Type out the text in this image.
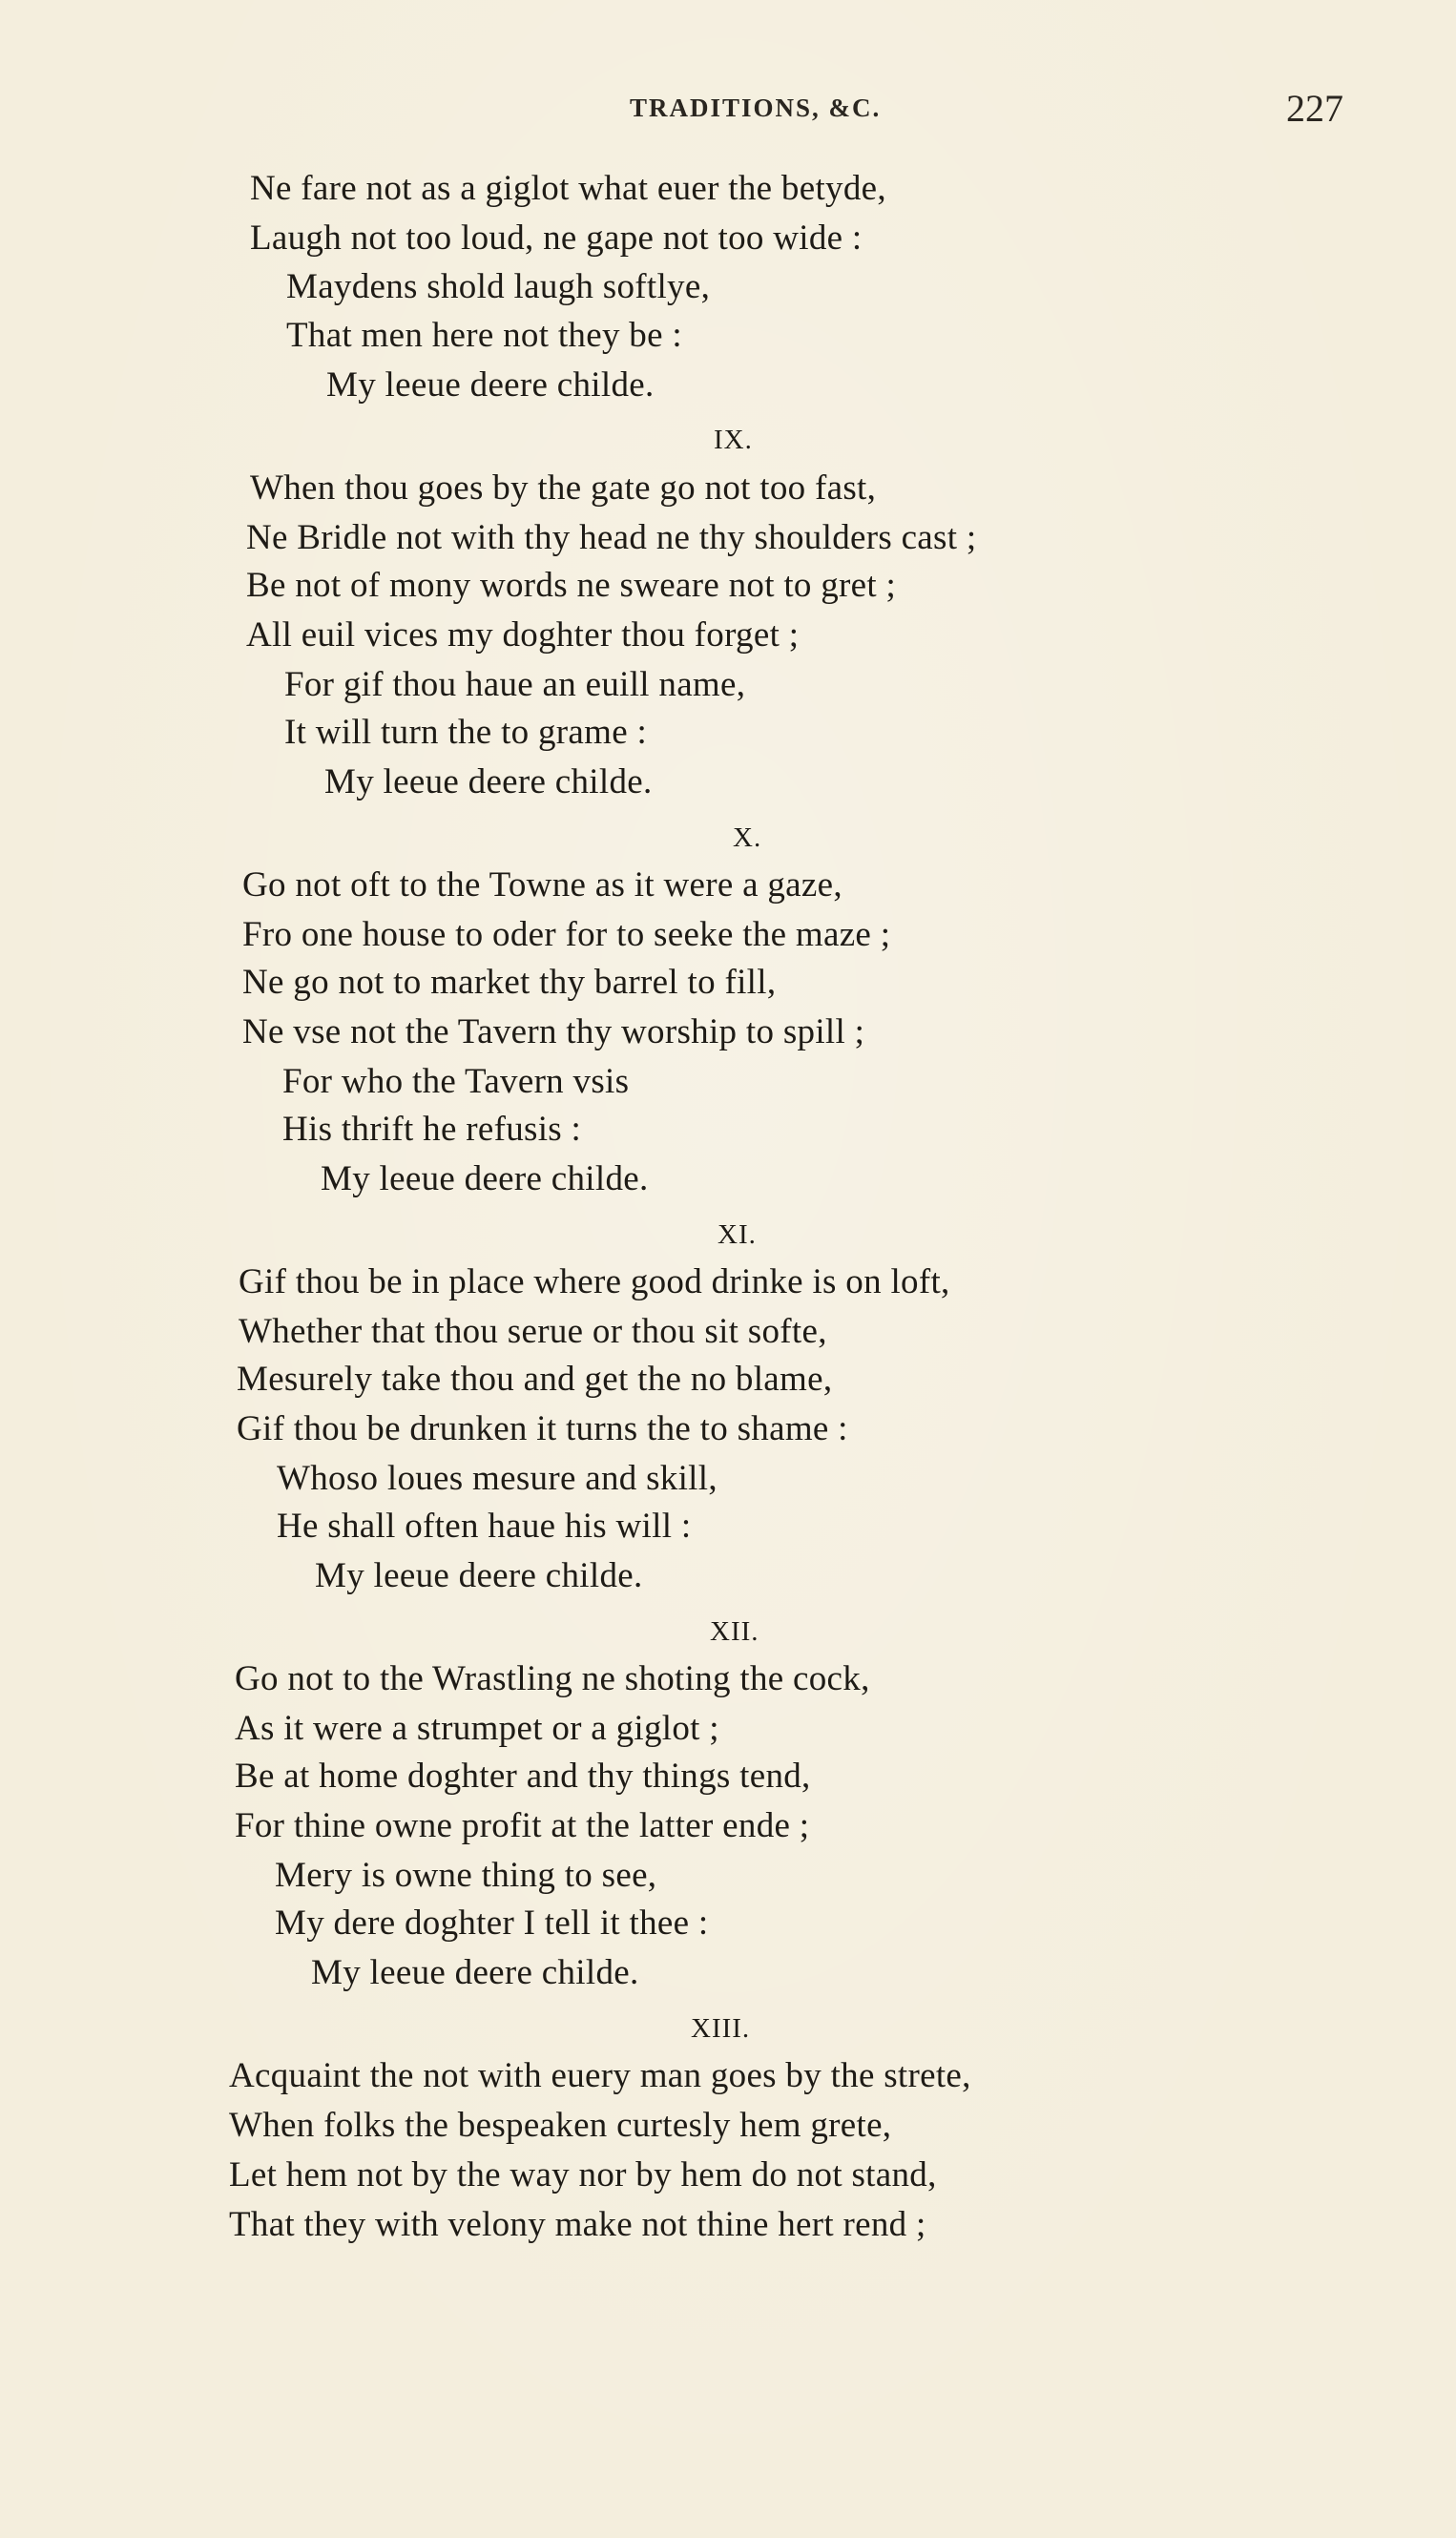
TRADITIONS, &C.	227
Ne fare not as a giglot what euer the betyde,
Laugh not too loud, ne gape not too wide :
Maydens shold laugh softlye,
That men here not they be :
My leeue deere childe.
IX.
When thou goes by the gate go not too fast,
Ne Bridle not with thy head ne thy shoulders cast ;
Be not of mony words ne sweare not to gret ;
All euil vices my doghter thou forget ;
For gif thou haue an euill name,
It will turn the to grame :
My leeue deere childe.
X.
Go not oft to the Towne as it were a gaze,
Fro one house to oder for to seeke the maze ;
Ne go not to market thy barrel to fill,
Ne vse not the Tavern thy worship to spill ;
For who the Tavern vsis
His thrift he refusis :
My leeue deere childe.
XI.
Gif thou be in place where good drinke is on loft,
Whether that thou serue or thou sit softe,
Mesurely take thou and get the no blame,
Gif thou be drunken it turns the to shame :
Whoso loues mesure and skill,
He shall often haue his will :
My leeue deere childe.
XII.
Go not to the Wrastling ne shoting the cock,
As it were a strumpet or a giglot ;
Be at home doghter and thy things tend,
For thine owne profit at the latter ende ;
Mery is owne thing to see,
My dere doghter I tell it thee :
My leeue deere childe.
XIII.
Acquaint the not with euery man goes by the strete,
When folks the bespeaken curtesly hem grete,
Let hem not by the way nor by hem do not stand,
That they with velony make not thine hert rend ;
